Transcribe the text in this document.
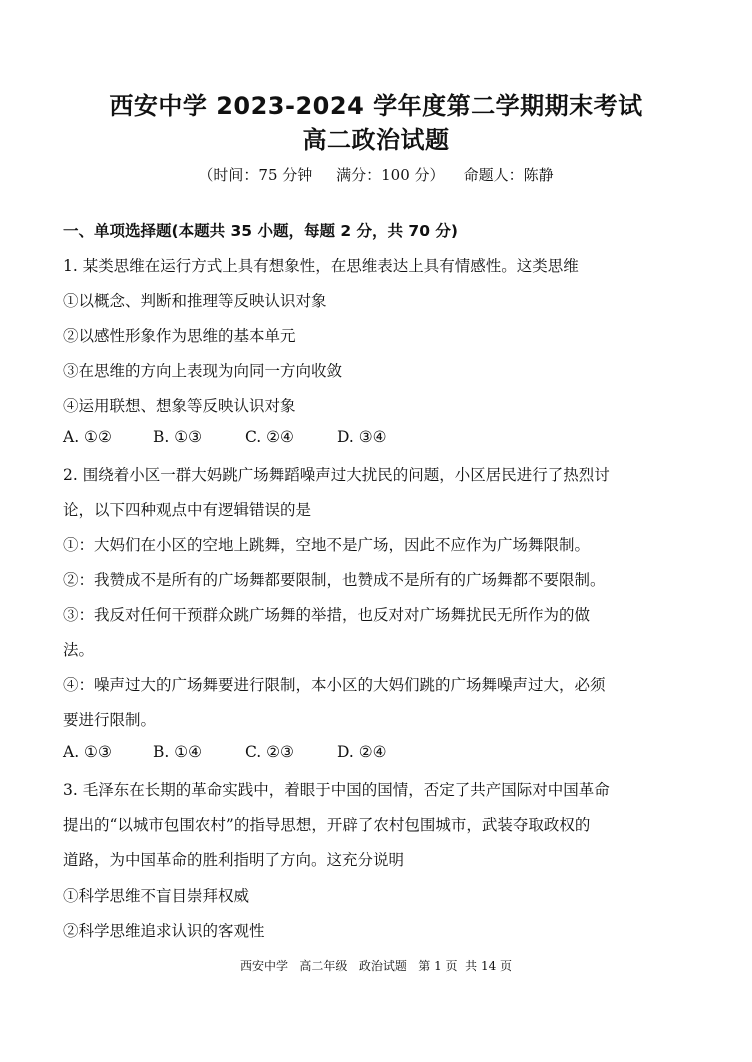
西安中学 2023-2024 学年度第二学期期末考试
高二政治试题
（时间：75 分钟     满分：100 分）    命题人：陈静
一、单项选择题(本题共 35 小题，每题 2 分，共 70 分)
1. 某类思维在运行方式上具有想象性，在思维表达上具有情感性。这类思维
①以概念、判断和推理等反映认识对象
②以感性形象作为思维的基本单元
③在思维的方向上表现为向同一方向收敛
④运用联想、想象等反映认识对象
A. ①②	B. ①③	C. ②④	D. ③④
2. 围绕着小区一群大妈跳广场舞蹈噪声过大扰民的问题，小区居民进行了热烈讨
论，以下四种观点中有逻辑错误的是
①：大妈们在小区的空地上跳舞，空地不是广场，因此不应作为广场舞限制。
②：我赞成不是所有的广场舞都要限制，也赞成不是所有的广场舞都不要限制。
③：我反对任何干预群众跳广场舞的举措，也反对对广场舞扰民无所作为的做
法。
④：噪声过大的广场舞要进行限制，本小区的大妈们跳的广场舞噪声过大，必须
要进行限制。
A. ①③	B. ①④	C. ②③	D. ②④
3. 毛泽东在长期的革命实践中，着眼于中国的国情，否定了共产国际对中国革命
提出的“以城市包围农村”的指导思想，开辟了农村包围城市，武装夺取政权的
道路，为中国革命的胜利指明了方向。这充分说明
①科学思维不盲目崇拜权威
②科学思维追求认识的客观性
西安中学   高二年级   政治试题   第 1 页  共 14 页
